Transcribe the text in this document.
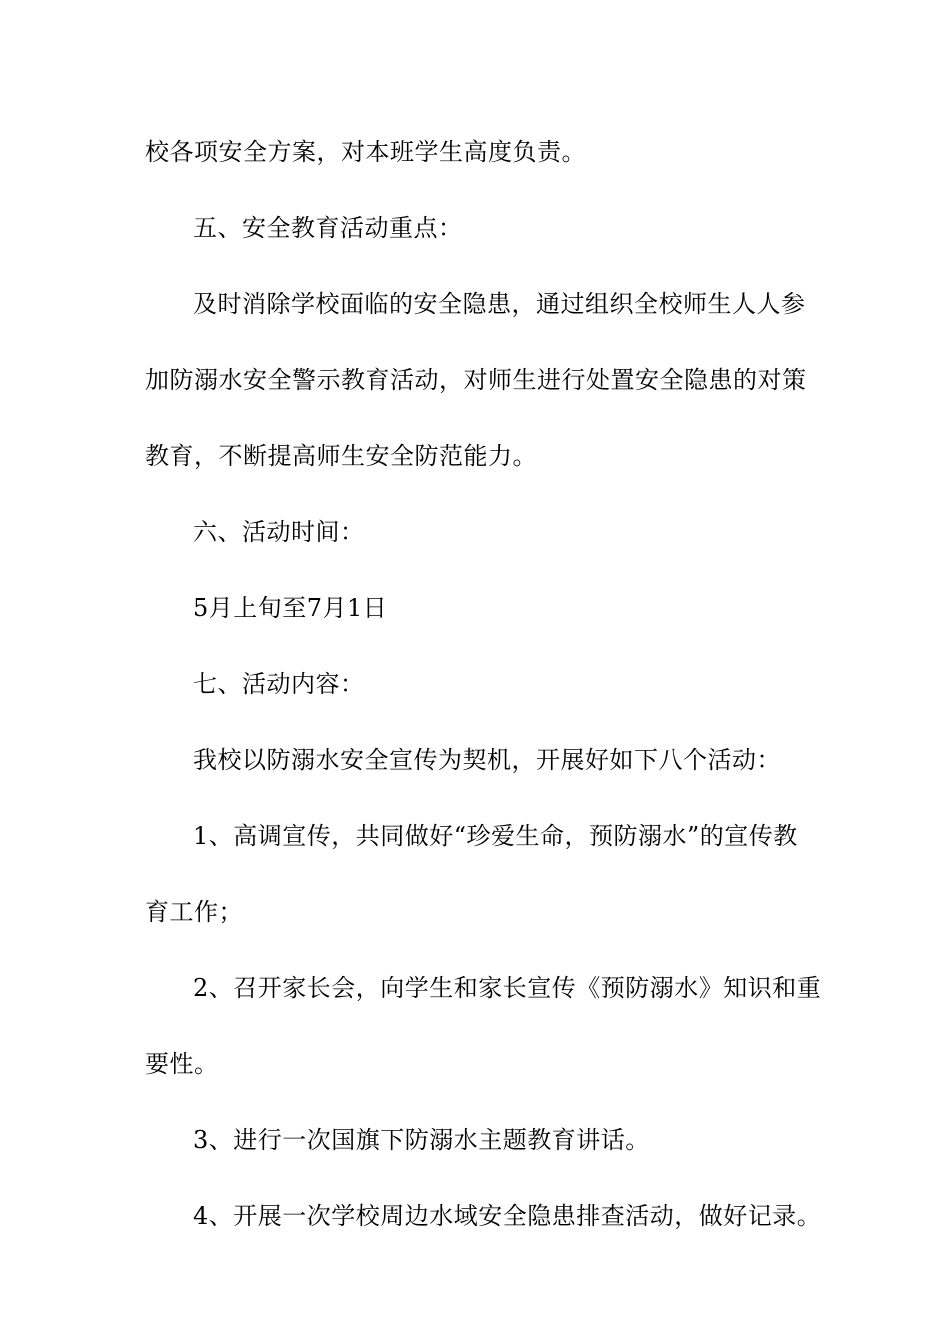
校各项安全方案，对本班学生高度负责。
五、安全教育活动重点：
及时消除学校面临的安全隐患，通过组织全校师生人人参
加防溺水安全警示教育活动，对师生进行处置安全隐患的对策
教育，不断提高师生安全防范能力。
六、活动时间：
5月上旬至7月1日
七、活动内容：
我校以防溺水安全宣传为契机，开展好如下八个活动：
1、高调宣传，共同做好“珍爱生命，预防溺水”的宣传教
育工作；
2、召开家长会，向学生和家长宣传《预防溺水》知识和重
要性。
3、进行一次国旗下防溺水主题教育讲话。
4、开展一次学校周边水域安全隐患排查活动，做好记录。
